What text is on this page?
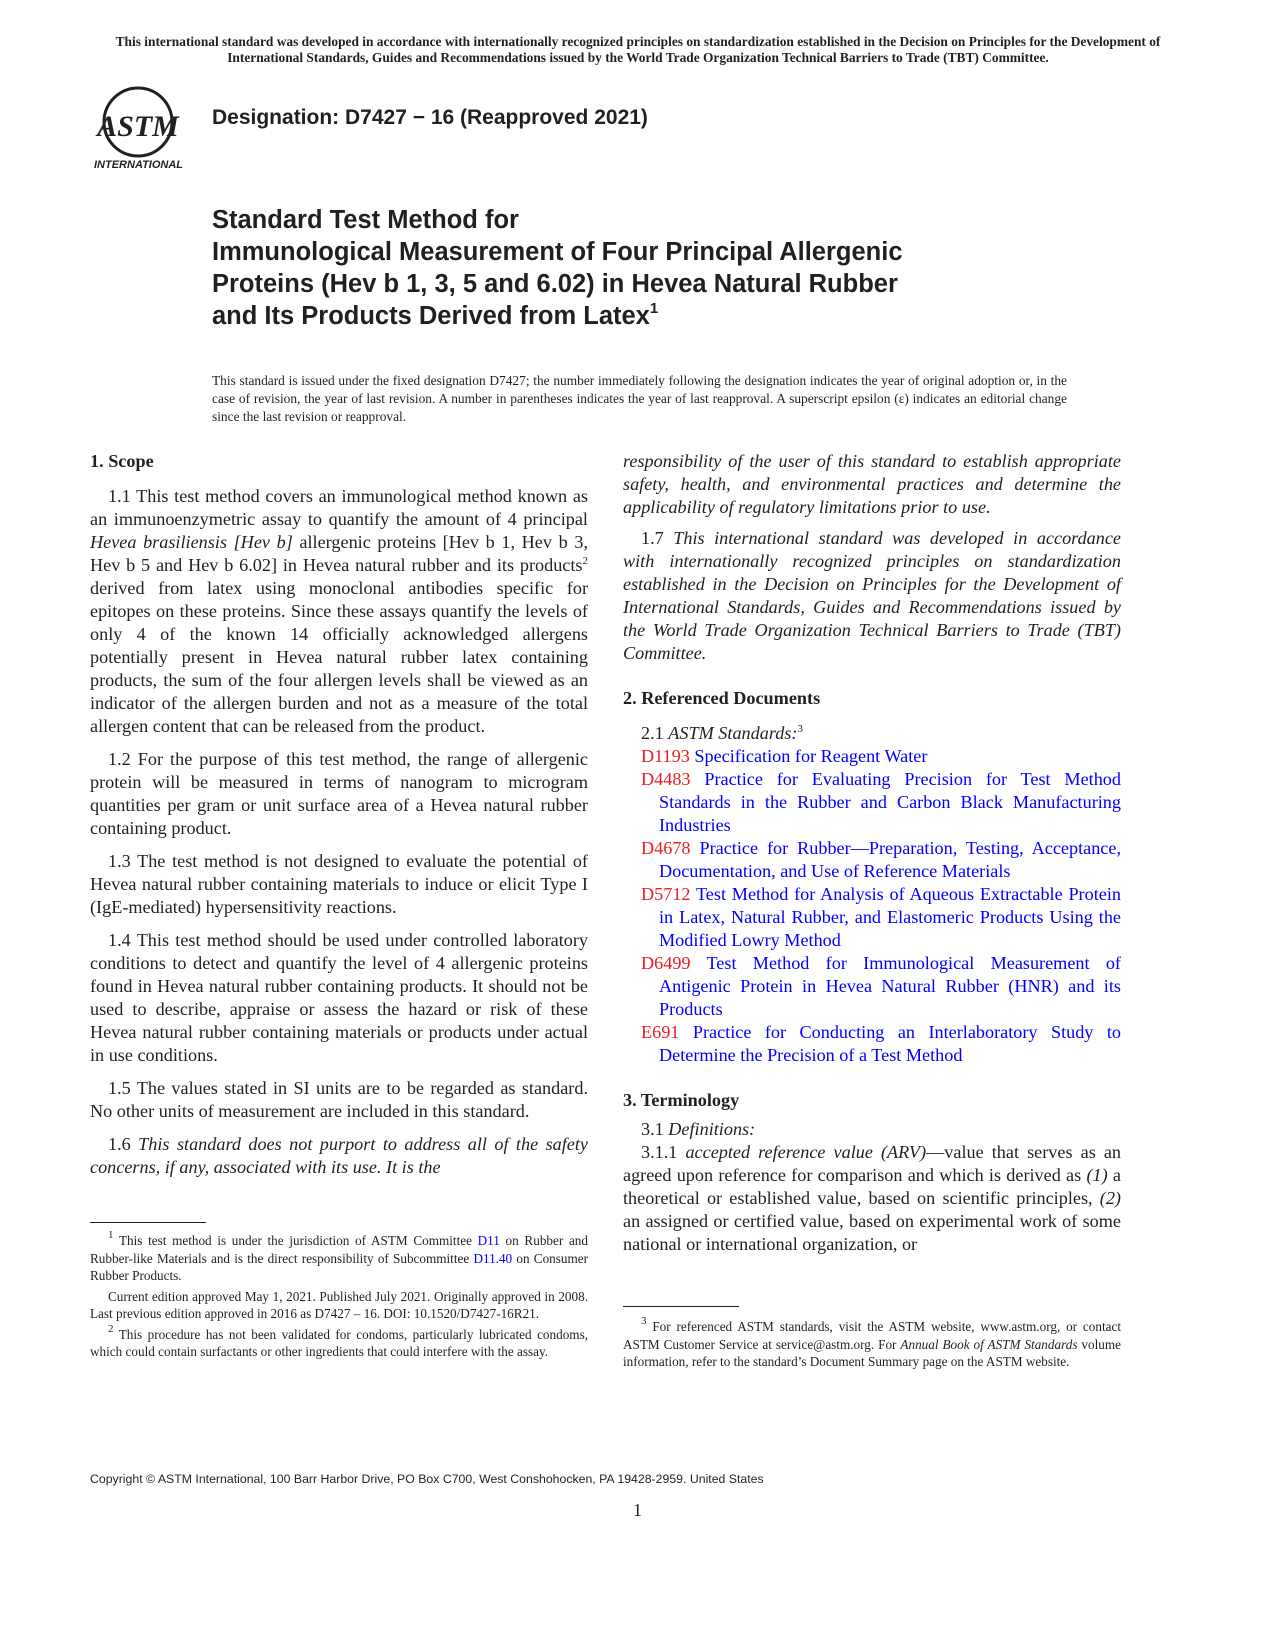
This international standard was developed in accordance with internationally recognized principles on standardization established in the Decision on Principles for the Development of International Standards, Guides and Recommendations issued by the World Trade Organization Technical Barriers to Trade (TBT) Committee.
ASTM
INTERNATIONAL
Designation: D7427 − 16 (Reapproved 2021)
Standard Test Method for
Immunological Measurement of Four Principal Allergenic
Proteins (Hev b 1, 3, 5 and 6.02) in Hevea Natural Rubber
and Its Products Derived from Latex$^1$
This standard is issued under the fixed designation D7427; the number immediately following the designation indicates the year of original adoption or, in the case of revision, the year of last revision. A number in parentheses indicates the year of last reapproval. A superscript epsilon (ε) indicates an editorial change since the last revision or reapproval.
1. Scope

1.1 This test method covers an immunological method known as an immunoenzymetric assay to quantify the amount of 4 principal Hevea brasiliensis [Hev b] allergenic proteins [Hev b 1, Hev b 3, Hev b 5 and Hev b 6.02] in Hevea natural rubber and its products$^2$ derived from latex using monoclonal antibodies specific for epitopes on these proteins. Since these assays quantify the levels of only 4 of the known 14 officially acknowledged allergens potentially present in Hevea natural rubber latex containing products, the sum of the four allergen levels shall be viewed as an indicator of the allergen burden and not as a measure of the total allergen content that can be released from the product.

1.2 For the purpose of this test method, the range of allergenic protein will be measured in terms of nanogram to microgram quantities per gram or unit surface area of a Hevea natural rubber containing product.

1.3 The test method is not designed to evaluate the potential of Hevea natural rubber containing materials to induce or elicit Type I (IgE-mediated) hypersensitivity reactions.

1.4 This test method should be used under controlled laboratory conditions to detect and quantify the level of 4 allergenic proteins found in Hevea natural rubber containing products. It should not be used to describe, appraise or assess the hazard or risk of these Hevea natural rubber containing materials or products under actual in use conditions.

1.5 The values stated in SI units are to be regarded as standard. No other units of measurement are included in this standard.

1.6 This standard does not purport to address all of the safety concerns, if any, associated with its use. It is the

$^1$ This test method is under the jurisdiction of ASTM Committee D11 on Rubber and Rubber-like Materials and is the direct responsibility of Subcommittee D11.40 on Consumer Rubber Products.

Current edition approved May 1, 2021. Published July 2021. Originally approved in 2008. Last previous edition approved in 2016 as D7427 – 16. DOI: 10.1520/D7427-16R21.

$^2$ This procedure has not been validated for condoms, particularly lubricated condoms, which could contain surfactants or other ingredients that could interfere with the assay.

responsibility of the user of this standard to establish appropriate safety, health, and environmental practices and determine the applicability of regulatory limitations prior to use.

1.7 This international standard was developed in accordance with internationally recognized principles on standardization established in the Decision on Principles for the Development of International Standards, Guides and Recommendations issued by the World Trade Organization Technical Barriers to Trade (TBT) Committee.

2. Referenced Documents
2.1 ASTM Standards:$^3$
D1193 Specification for Reagent Water
D4483 Practice for Evaluating Precision for Test Method Standards in the Rubber and Carbon Black Manufacturing Industries
D4678 Practice for Rubber—Preparation, Testing, Acceptance, Documentation, and Use of Reference Materials
D5712 Test Method for Analysis of Aqueous Extractable Protein in Latex, Natural Rubber, and Elastomeric Products Using the Modified Lowry Method
D6499 Test Method for Immunological Measurement of Antigenic Protein in Hevea Natural Rubber (HNR) and its Products
E691 Practice for Conducting an Interlaboratory Study to Determine the Precision of a Test Method
3. Terminology
3.1 Definitions:

3.1.1 accepted reference value (ARV)—value that serves as an agreed upon reference for comparison and which is derived as (1) a theoretical or established value, based on scientific principles, (2) an assigned or certified value, based on experimental work of some national or international organization, or

$^3$ For referenced ASTM standards, visit the ASTM website, www.astm.org, or contact ASTM Customer Service at service@astm.org. For Annual Book of ASTM Standards volume information, refer to the standard’s Document Summary page on the ASTM website.

Copyright © ASTM International, 100 Barr Harbor Drive, PO Box C700, West Conshohocken, PA 19428-2959. United States
1
